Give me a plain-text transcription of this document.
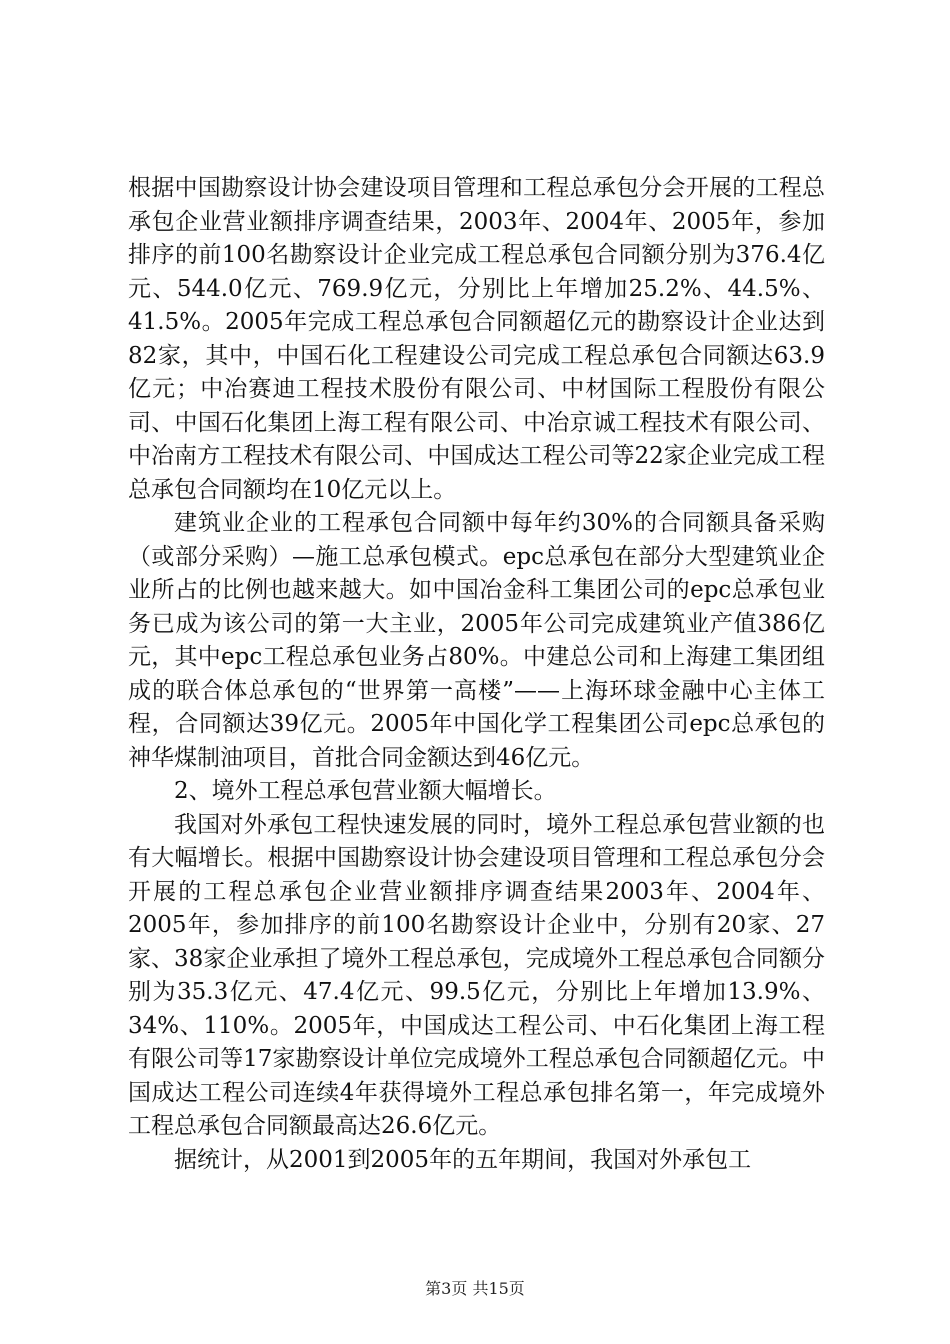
根据中国勘察设计协会建设项目管理和工程总承包分会开展的工程总承包企业营业额排序调查结果，2003年、2004年、2005年，参加排序的前100名勘察设计企业完成工程总承包合同额分别为376.4亿元、544.0亿元、769.9亿元，分别比上年增加25.2%、44.5%、41.5%。2005年完成工程总承包合同额超亿元的勘察设计企业达到82家，其中，中国石化工程建设公司完成工程总承包合同额达63.9亿元；中冶赛迪工程技术股份有限公司、中材国际工程股份有限公司、中国石化集团上海工程有限公司、中冶京诚工程技术有限公司、中冶南方工程技术有限公司、中国成达工程公司等22家企业完成工程总承包合同额均在10亿元以上。

建筑业企业的工程承包合同额中每年约30%的合同额具备采购（或部分采购）—施工总承包模式。epc总承包在部分大型建筑业企业所占的比例也越来越大。如中国冶金科工集团公司的epc总承包业务已成为该公司的第一大主业，2005年公司完成建筑业产值386亿元，其中epc工程总承包业务占80%。中建总公司和上海建工集团组成的联合体总承包的“世界第一高楼”——上海环球金融中心主体工程，合同额达39亿元。2005年中国化学工程集团公司epc总承包的神华煤制油项目，首批合同金额达到46亿元。

2、境外工程总承包营业额大幅增长。

我国对外承包工程快速发展的同时，境外工程总承包营业额的也有大幅增长。根据中国勘察设计协会建设项目管理和工程总承包分会开展的工程总承包企业营业额排序调查结果2003年、2004年、2005年，参加排序的前100名勘察设计企业中，分别有20家、27家、38家企业承担了境外工程总承包，完成境外工程总承包合同额分别为35.3亿元、47.4亿元、99.5亿元，分别比上年增加13.9%、34%、110%。2005年，中国成达工程公司、中石化集团上海工程有限公司等17家勘察设计单位完成境外工程总承包合同额超亿元。中国成达工程公司连续4年获得境外工程总承包排名第一，年完成境外工程总承包合同额最高达26.6亿元。

据统计，从2001到2005年的五年期间，我国对外承包工

第3页 共15页
